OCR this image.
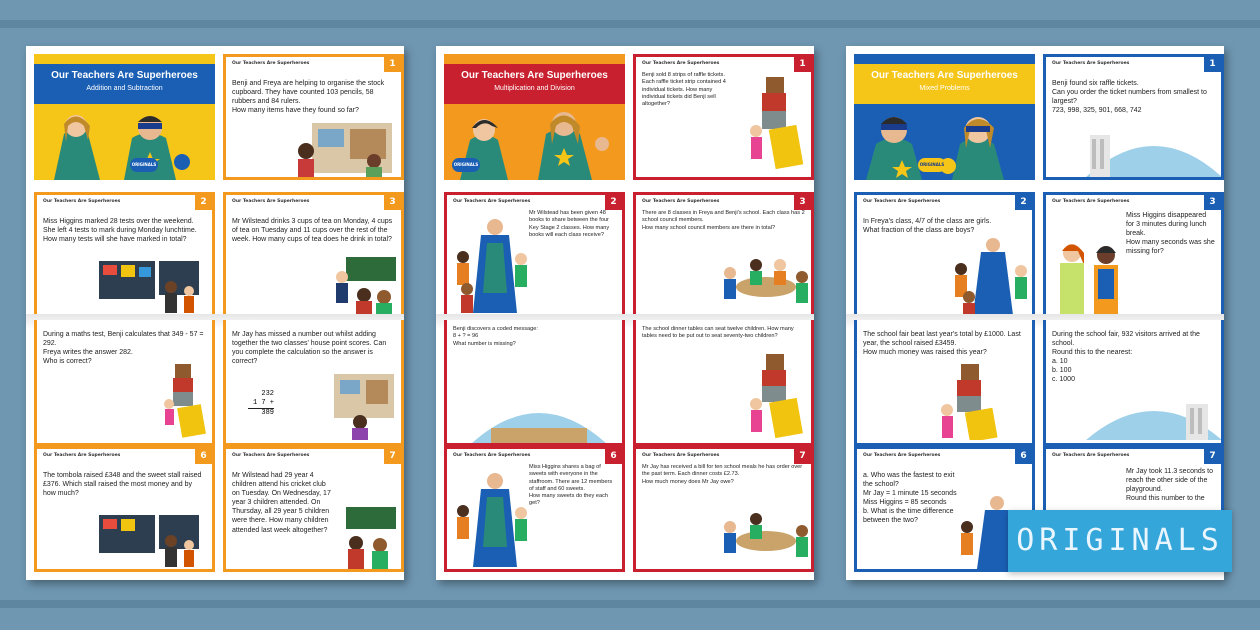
Our Teachers Are Superheroes
Addition and Subtraction
1
Our Teachers Are Superheroes
Benji and Freya are helping to organise the stock cupboard. They have counted 103 pencils, 58 rubbers and 84 rulers.
How many items have they found so far?
2
Our Teachers Are Superheroes
Miss Higgins marked 28 tests over the weekend. She left 4 tests to mark during Monday lunchtime.
How many tests will she have marked in total?
3
Our Teachers Are Superheroes
Mr Wilstead drinks 3 cups of tea on Monday, 4 cups of tea on Tuesday and 11 cups over the rest of the week. How many cups of tea does he drink in total?
During a maths test, Benji calculates that 349 - 57 = 292.
Freya writes the answer 282.
Who is correct?
Mr Jay has missed a number out whilst adding together the two classes' house point scores. Can you complete the calculation so the answer is correct?
232
1 7 +
389
6
Our Teachers Are Superheroes
The tombola raised £348 and the sweet stall raised £376. Which stall raised the most money and by how much?
7
Our Teachers Are Superheroes
Mr Wilstead had 29 year 4 children attend his cricket club on Tuesday. On Wednesday, 17 year 3 children attended. On Thursday, all 29 year 5 children were there. How many children attended last week altogether?
Our Teachers Are Superheroes
Multiplication and Division
1
Our Teachers Are Superheroes
Benji sold 8 strips of raffle tickets.
Each raffle ticket strip contained 4 individual tickets. How many individual tickets did Benji sell altogether?
2
Our Teachers Are Superheroes
Mr Wilstead has been given 48 books to share between the four Key Stage 2 classes. How many books will each class receive?
3
Our Teachers Are Superheroes
There are 8 classes in Freya and Benji's school. Each class has 2 school council members.
How many school council members are there in total?
Benji discovers a coded message:
8 + ? = 96
What number is missing?
The school dinner tables can seat twelve children. How many tables need to be put out to seat seventy-two children?
6
Our Teachers Are Superheroes
Miss Higgins shares a bag of sweets with everyone in the staffroom. There are 12 members of staff and 60 sweets.
How many sweets do they each get?
7
Our Teachers Are Superheroes
Mr Jay has received a bill for ten school meals he has order over the past term. Each dinner costs £2.73.
How much money does Mr Jay owe?
Our Teachers Are Superheroes
Mixed Problems
1
Our Teachers Are Superheroes
Benji found six raffle tickets.
Can you order the ticket numbers from smallest to largest?
723, 998, 325, 901, 668, 742
2
Our Teachers Are Superheroes
In Freya's class, 4/7 of the class are girls.
What fraction of the class are boys?
3
Our Teachers Are Superheroes
Miss Higgins disappeared for 3 minutes during lunch break.
How many seconds was she missing for?
The school fair beat last year's total by £1000. Last year, the school raised £3459.
How much money was raised this year?
During the school fair, 932 visitors arrived at the school.
Round this to the nearest:
a. 10
b. 100
c. 1000
6
Our Teachers Are Superheroes
a. Who was the fastest to exit the school?
Mr Jay = 1 minute 15 seconds
Miss Higgins = 85 seconds
b. What is the time difference between the two?
7
Our Teachers Are Superheroes
Mr Jay took 11.3 seconds to reach the other side of the playground.
Round this number to the
ORIGINALS	ORIGINALS	ORIGINALS
ORIGINALS
